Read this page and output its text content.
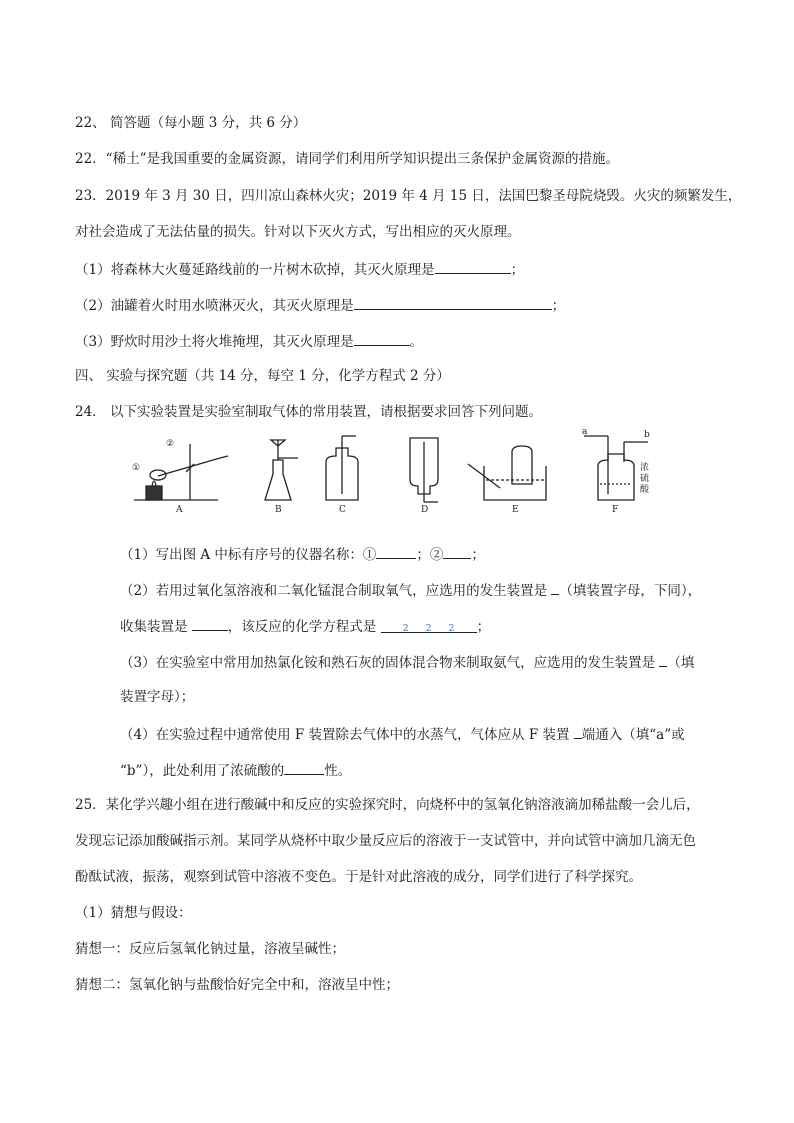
22、 简答题（每小题 3 分，共 6 分）
22．“稀土”是我国重要的金属资源，请同学们利用所学知识提出三条保护金属资源的措施。
23．2019 年 3 月 30 日，四川凉山森林火灾；2019 年 4 月 15 日，法国巴黎圣母院烧毁。火灾的频繁发生，
对社会造成了无法估量的损失。针对以下灭火方式，写出相应的灭火原理。
（1）将森林大火蔓延路线前的一片树木砍掉，其灭火原理是	；
（2）油罐着火时用水喷淋灭火，其灭火原理是	；
（3）野炊时用沙土将火堆掩埋，其灭火原理是	。
四、 实验与探究题（共 14 分，每空 1 分，化学方程式 2 分）
24． 以下实验装置是实验室制取气体的常用装置，请根据要求回答下列问题。
A	B	C	D	E	F
①
②
a	b
浓
硫
酸
（1）写出图 A 中标有序号的仪器名称：①	；② ；
（2）若用过氧化氢溶液和二氧化锰混合制取氧气，应选用的发生装置是 （填装置字母，下同），
收集装置是	，该反应的化学方程式是 2 2 2 ；
（3）在实验室中常用加热氯化铵和熟石灰的固体混合物来制取氨气，应选用的发生装置是 （填
装置字母）；
（4）在实验过程中通常使用 F 装置除去气体中的水蒸气，气体应从 F 装置 端通入（填“a”或
“b”），此处利用了浓硫酸的	性。
25．某化学兴趣小组在进行酸碱中和反应的实验探究时，向烧杯中的氢氧化钠溶液滴加稀盐酸一会儿后，
发现忘记添加酸碱指示剂。某同学从烧杯中取少量反应后的溶液于一支试管中，并向试管中滴加几滴无色
酚酞试液，振荡，观察到试管中溶液不变色。于是针对此溶液的成分，同学们进行了科学探究。
（1）猜想与假设：
猜想一：反应后氢氧化钠过量，溶液呈碱性；
猜想二：氢氧化钠与盐酸恰好完全中和，溶液呈中性；
